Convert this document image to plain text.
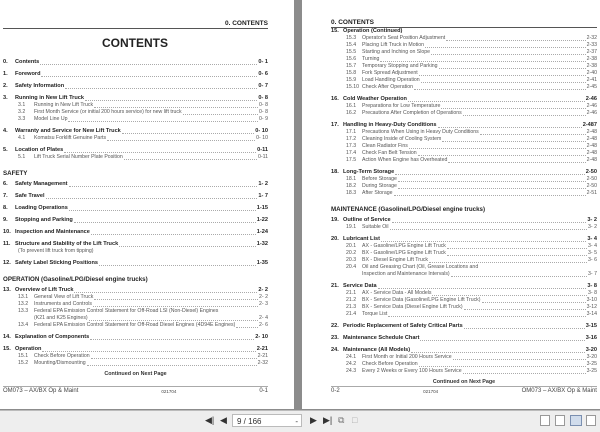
0. CONTENTS
CONTENTS
0.	Contents	0- 1
1.	Foreword	0- 6
2.	Safety Information	0- 7
3.	Running in New Lift Truck	0- 8
3.1	Running in New Lift Truck	0- 8
3.2	First Month Service (or initial 200 hours service) for new lift truck	0- 8
3.3	Model Line Up	0- 9
4.	Warranty and Service for New Lift Truck	0- 10
4.1	Komatsu Forklift Genuine Parts	0- 10
5.	Location of Plates	0-11
5.1	Lift Truck Serial Number Plate Position	0-11
SAFETY
6.	Safety Management	1- 2
7.	Safe Travel	1- 7
8.	Loading Operations	1-15
9.	Stopping and Parking	1-22
10. Inspection and Maintenance	1-24
11. Structure and Stability of the Lift Truck	1-32
(To prevent lift truck from tipping)
12. Safety Label Sticking Positions	1-35
OPERATION (Gasoline/LPG/Diesel engine trucks)
13. Overview of Lift Truck	2- 2
13.1	General View of Lift Truck	2- 2
13.2	Instruments and Controls	2- 3
13.3	Federal EPA Emission Control Statement for Off-Road LSI (Non-Diesel) Engines
(K21 and K25 Engines)	2- 4
13.4	Federal EPA Emission Control Statement for Off-Road Diesel Engines (4D94E Engines)	2- 6
14. Explanation of Components	2- 10
15. Operation	2-21
15.1	Check Before Operation	2-21
15.2	Mounting/Dismounting	2-32
Continued on Next Page
OM073 – AX/BX Op & Maint	021704	0-1
0. CONTENTS
15. Operation (Continued)
15.3	Operator's Seat Position Adjustment	2-32
15.4	Placing Lift Truck in Motion	2-33
15.5	Starting and Inching on Slope	2-37
15.6	Turning	2-38
15.7	Temporary Stopping and Parking	2-38
15.8	Fork Spread Adjustment	2-40
15.9	Load Handling Operation	2-41
15.10 Check After Operation	2-45
16. Cold Weather Operation	2-46
16.1	Preparations for Low Temperature	2-46
16.2	Precautions After Completion of Operations	2-46
17. Handling in Heavy-Duty Conditions	2-487
17.1	Precautions When Using in Heavy Duty Conditions	2-48
17.2	Cleaning Inside of Cooling System	2-48
17.3	Clean Radiator Fins	2-48
17.4	Check Fan Belt Tension	2-48
17.5	Action When Engine has Overheated	2-48
18. Long-Term Storage	2-50
18.1	Before Storage	2-50
18.2	During Storage	2-50
18.3	After Storage	2-51
MAINTENANCE (Gasoline/LPG/Diesel engine trucks)
19. Outline of Service	3- 2
19.1	Suitable Oil	3- 2
20. Lubricant List	3- 4
20.1	AX - Gasoline/LPG Engine Lift Truck	3- 4
20.2	BX - Gasoline/LPG Engine Lift Truck	3- 5
20.3	BX - Diesel Engine Lift Truck	3- 6
20.4	Oil and Greasing Chart (Oil, Grease Locations and
Inspection and Maintenance Intervals)	3- 7
21. Service Data	3- 8
21.1	AX - Service Data - All Models	3- 8
21.2	BX - Service Data (Gasoline/LPG Engine Lift Truck)	3-10
21.3	BX - Service Data (Diesel Engine Lift Truck)	3-12
21.4	Torque List	3-14
22. Periodic Replacement of Safety Critical Parts	3-15
23. Maintenance Schedule Chart	3-16
24. Maintenance (All Models)	3-20
24.1	First Month or Initial 200 Hours Service	3-20
24.2	Check Before Operation	3-25
24.3	Every 2 Weeks or Every 100 Hours Service	3-25
Continued on Next Page
0-2	021704	OM073 – AX/BX Op & Maint
◀​| ◀	9 / 166	- ▶ ▶| ⧉ □
